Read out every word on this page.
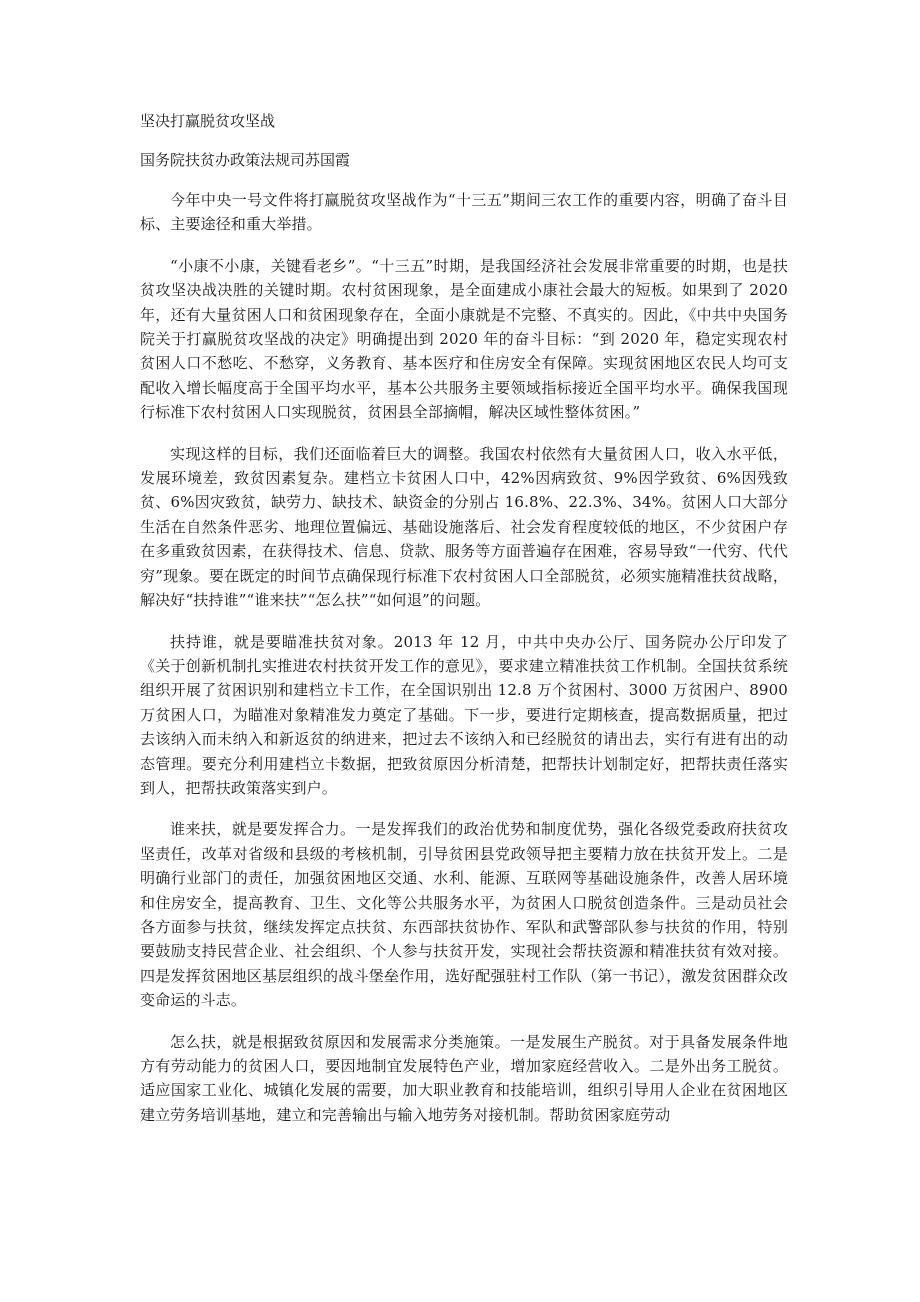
坚决打赢脱贫攻坚战
国务院扶贫办政策法规司苏国霞

今年中央一号文件将打赢脱贫攻坚战作为“十三五”期间三农工作的重要内容，明确了奋斗目标、主要途径和重大举措。

“小康不小康，关键看老乡”。“十三五”时期，是我国经济社会发展非常重要的时期，也是扶贫攻坚决战决胜的关键时期。农村贫困现象，是全面建成小康社会最大的短板。如果到了 2020 年，还有大量贫困人口和贫困现象存在，全面小康就是不完整、不真实的。因此，《中共中央国务院关于打赢脱贫攻坚战的决定》明确提出到 2020 年的奋斗目标：“到 2020 年，稳定实现农村贫困人口不愁吃、不愁穿，义务教育、基本医疗和住房安全有保障。实现贫困地区农民人均可支配收入增长幅度高于全国平均水平，基本公共服务主要领域指标接近全国平均水平。确保我国现行标准下农村贫困人口实现脱贫，贫困县全部摘帽，解决区域性整体贫困。”

实现这样的目标，我们还面临着巨大的调整。我国农村依然有大量贫困人口，收入水平低，发展环境差，致贫因素复杂。建档立卡贫困人口中，42%因病致贫、9%因学致贫、6%因残致贫、6%因灾致贫，缺劳力、缺技术、缺资金的分别占 16.8%、22.3%、34%。贫困人口大部分生活在自然条件恶劣、地理位置偏远、基础设施落后、社会发育程度较低的地区，不少贫困户存在多重致贫因素，在获得技术、信息、贷款、服务等方面普遍存在困难，容易导致“一代穷、代代穷”现象。要在既定的时间节点确保现行标准下农村贫困人口全部脱贫，必须实施精准扶贫战略，解决好“扶持谁”“谁来扶”“怎么扶”“如何退”的问题。

扶持谁，就是要瞄准扶贫对象。2013 年 12 月，中共中央办公厅、国务院办公厅印发了《关于创新机制扎实推进农村扶贫开发工作的意见》，要求建立精准扶贫工作机制。全国扶贫系统组织开展了贫困识别和建档立卡工作，在全国识别出 12.8 万个贫困村、3000 万贫困户、8900 万贫困人口，为瞄准对象精准发力奠定了基础。下一步，要进行定期核查，提高数据质量，把过去该纳入而未纳入和新返贫的纳进来，把过去不该纳入和已经脱贫的请出去，实行有进有出的动态管理。要充分利用建档立卡数据，把致贫原因分析清楚，把帮扶计划制定好，把帮扶责任落实到人，把帮扶政策落实到户。

谁来扶，就是要发挥合力。一是发挥我们的政治优势和制度优势，强化各级党委政府扶贫攻坚责任，改革对省级和县级的考核机制，引导贫困县党政领导把主要精力放在扶贫开发上。二是明确行业部门的责任，加强贫困地区交通、水利、能源、互联网等基础设施条件，改善人居环境和住房安全，提高教育、卫生、文化等公共服务水平，为贫困人口脱贫创造条件。三是动员社会各方面参与扶贫，继续发挥定点扶贫、东西部扶贫协作、军队和武警部队参与扶贫的作用，特别要鼓励支持民营企业、社会组织、个人参与扶贫开发，实现社会帮扶资源和精准扶贫有效对接。四是发挥贫困地区基层组织的战斗堡垒作用，选好配强驻村工作队（第一书记），激发贫困群众改变命运的斗志。

怎么扶，就是根据致贫原因和发展需求分类施策。一是发展生产脱贫。对于具备发展条件地方有劳动能力的贫困人口，要因地制宜发展特色产业，增加家庭经营收入。二是外出务工脱贫。适应国家工业化、城镇化发展的需要，加大职业教育和技能培训，组织引导用人企业在贫困地区建立劳务培训基地，建立和完善输出与输入地劳务对接机制。帮助贫困家庭劳动
